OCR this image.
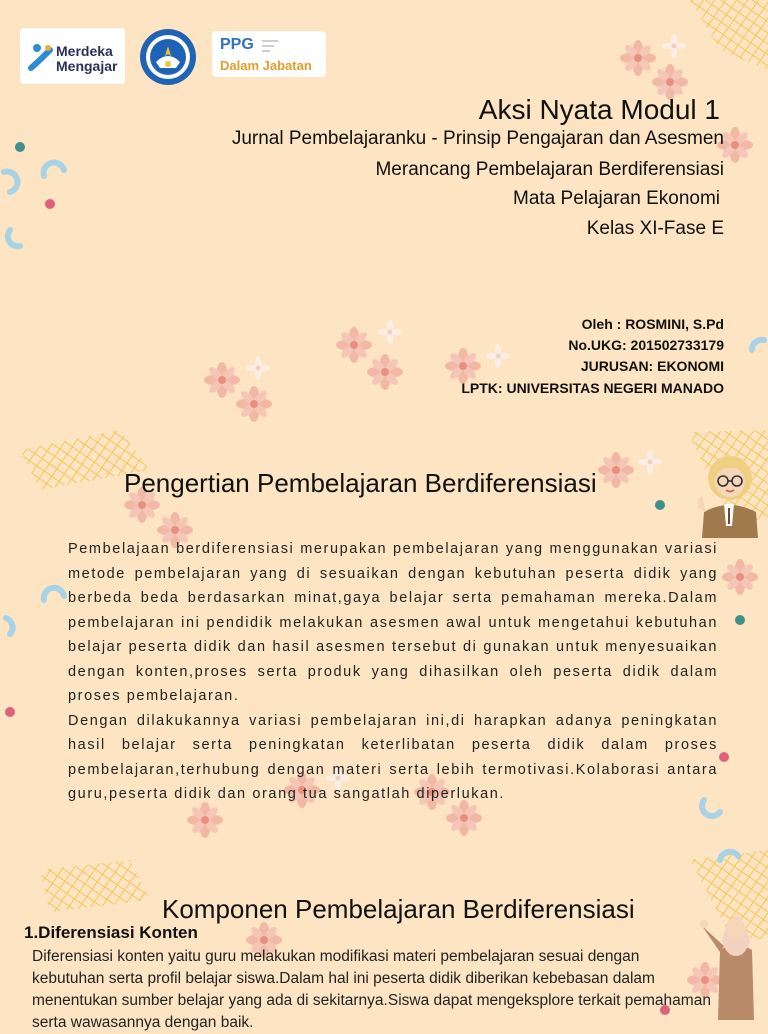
Merdeka
Mengajar
PPG
Dalam Jabatan
Aksi Nyata Modul 1
Jurnal Pembelajaranku - Prinsip Pengajaran dan Asesmen
Merancang Pembelajaran Berdiferensiasi
Mata Pelajaran Ekonomi
Kelas XI-Fase E
Oleh : ROSMINI, S.Pd
No.UKG: 201502733179
JURUSAN: EKONOMI
LPTK: UNIVERSITAS NEGERI MANADO
Pengertian Pembelajaran Berdiferensiasi

Pembelajaan berdiferensiasi merupakan pembelajaran yang menggunakan variasi metode pembelajaran yang di sesuaikan dengan kebutuhan peserta didik yang berbeda beda berdasarkan minat,gaya belajar serta pemahaman mereka.Dalam pembelajaran ini pendidik melakukan asesmen awal untuk mengetahui kebutuhan belajar peserta didik dan hasil asesmen tersebut di gunakan untuk menyesuaikan dengan konten,proses serta produk yang dihasilkan oleh peserta didik dalam proses pembelajaran.

Dengan dilakukannya variasi pembelajaran ini,di harapkan adanya peningkatan hasil belajar serta peningkatan keterlibatan peserta didik dalam proses pembelajaran,terhubung dengan materi serta lebih termotivasi.Kolaborasi antara guru,peserta didik dan orang tua sangatlah diperlukan.

Komponen Pembelajaran Berdiferensiasi
1.Diferensiasi Konten
Diferensiasi konten yaitu guru melakukan modifikasi materi pembelajaran sesuai dengan kebutuhan serta profil belajar siswa.Dalam hal ini peserta didik diberikan kebebasan dalam menentukan sumber belajar yang ada di sekitarnya.Siswa dapat mengeksplore terkait pemahaman serta wawasannya dengan baik.
